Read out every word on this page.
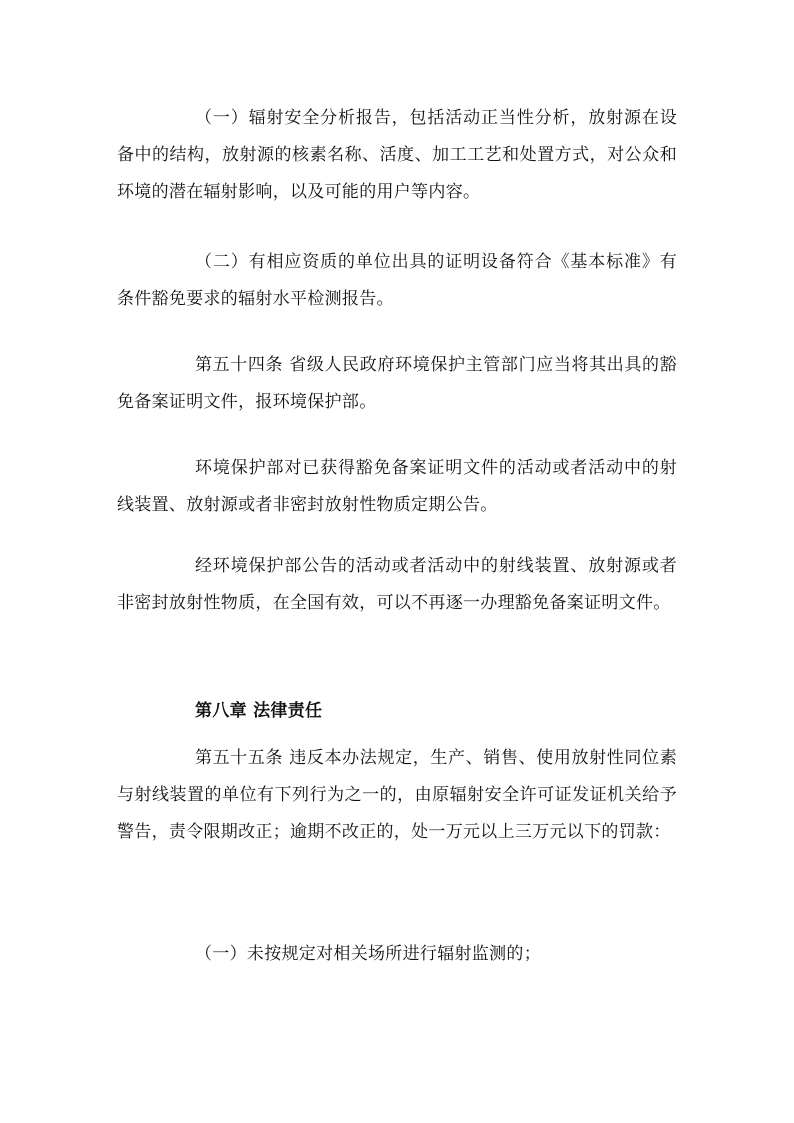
（一）辐射安全分析报告，包括活动正当性分析，放射源在设备中的结构，放射源的核素名称、活度、加工工艺和处置方式，对公众和环境的潜在辐射影响，以及可能的用户等内容。

（二）有相应资质的单位出具的证明设备符合《基本标准》有条件豁免要求的辐射水平检测报告。

第五十四条 省级人民政府环境保护主管部门应当将其出具的豁免备案证明文件，报环境保护部。

环境保护部对已获得豁免备案证明文件的活动或者活动中的射线装置、放射源或者非密封放射性物质定期公告。

经环境保护部公告的活动或者活动中的射线装置、放射源或者非密封放射性物质，在全国有效，可以不再逐一办理豁免备案证明文件。

第八章 法律责任

第五十五条 违反本办法规定，生产、销售、使用放射性同位素与射线装置的单位有下列行为之一的，由原辐射安全许可证发证机关给予警告，责令限期改正；逾期不改正的，处一万元以上三万元以下的罚款：

（一）未按规定对相关场所进行辐射监测的；
